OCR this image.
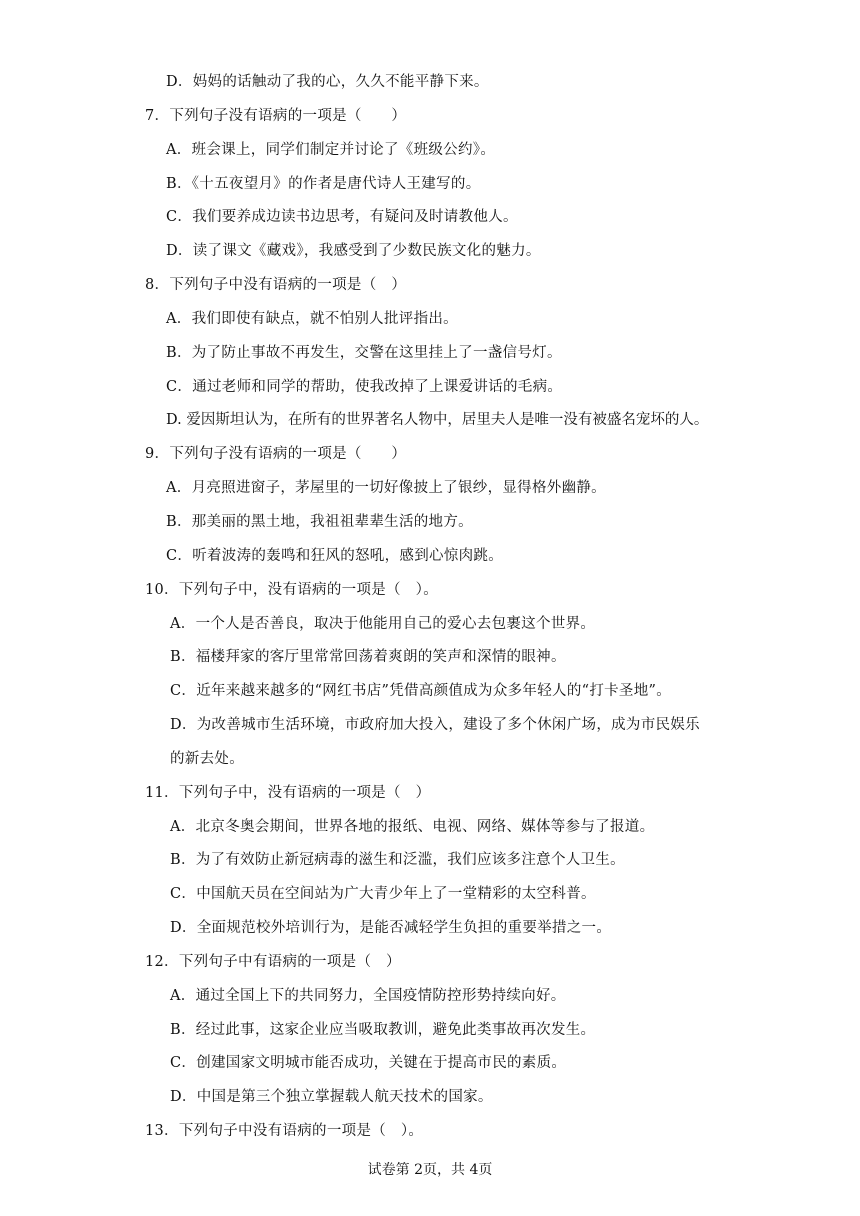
D．妈妈的话触动了我的心，久久不能平静下来。
7．下列句子没有语病的一项是（　　）
A．班会课上，同学们制定并讨论了《班级公约》。
B．《十五夜望月》的作者是唐代诗人王建写的。
C．我们要养成边读书边思考，有疑问及时请教他人。
D．读了课文《藏戏》，我感受到了少数民族文化的魅力。
8．下列句子中没有语病的一项是（　）
A．我们即使有缺点，就不怕别人批评指出。
B．为了防止事故不再发生，交警在这里挂上了一盏信号灯。
C．通过老师和同学的帮助，使我改掉了上课爱讲话的毛病。
D. 爱因斯坦认为，在所有的世界著名人物中，居里夫人是唯一没有被盛名宠坏的人。
9．下列句子没有语病的一项是（　　）
A．月亮照进窗子，茅屋里的一切好像披上了银纱，显得格外幽静。
B．那美丽的黑土地，我祖祖辈辈生活的地方。
C．听着波涛的轰鸣和狂风的怒吼，感到心惊肉跳。
10．下列句子中，没有语病的一项是（　）。
A．一个人是否善良，取决于他能用自己的爱心去包裹这个世界。
B．福楼拜家的客厅里常常回荡着爽朗的笑声和深情的眼神。
C．近年来越来越多的“网红书店”凭借高颜值成为众多年轻人的“打卡圣地”。
D．为改善城市生活环境，市政府加大投入，建设了多个休闲广场，成为市民娱乐
的新去处。
11．下列句子中，没有语病的一项是（　）
A．北京冬奥会期间，世界各地的报纸、电视、网络、媒体等参与了报道。
B．为了有效防止新冠病毒的滋生和泛滥，我们应该多注意个人卫生。
C．中国航天员在空间站为广大青少年上了一堂精彩的太空科普。
D．全面规范校外培训行为，是能否减轻学生负担的重要举措之一。
12．下列句子中有语病的一项是（　）
A．通过全国上下的共同努力，全国疫情防控形势持续向好。
B．经过此事，这家企业应当吸取教训，避免此类事故再次发生。
C．创建国家文明城市能否成功，关键在于提高市民的素质。
D．中国是第三个独立掌握载人航天技术的国家。
13．下列句子中没有语病的一项是（　）。
试卷第 2页，共 4页
